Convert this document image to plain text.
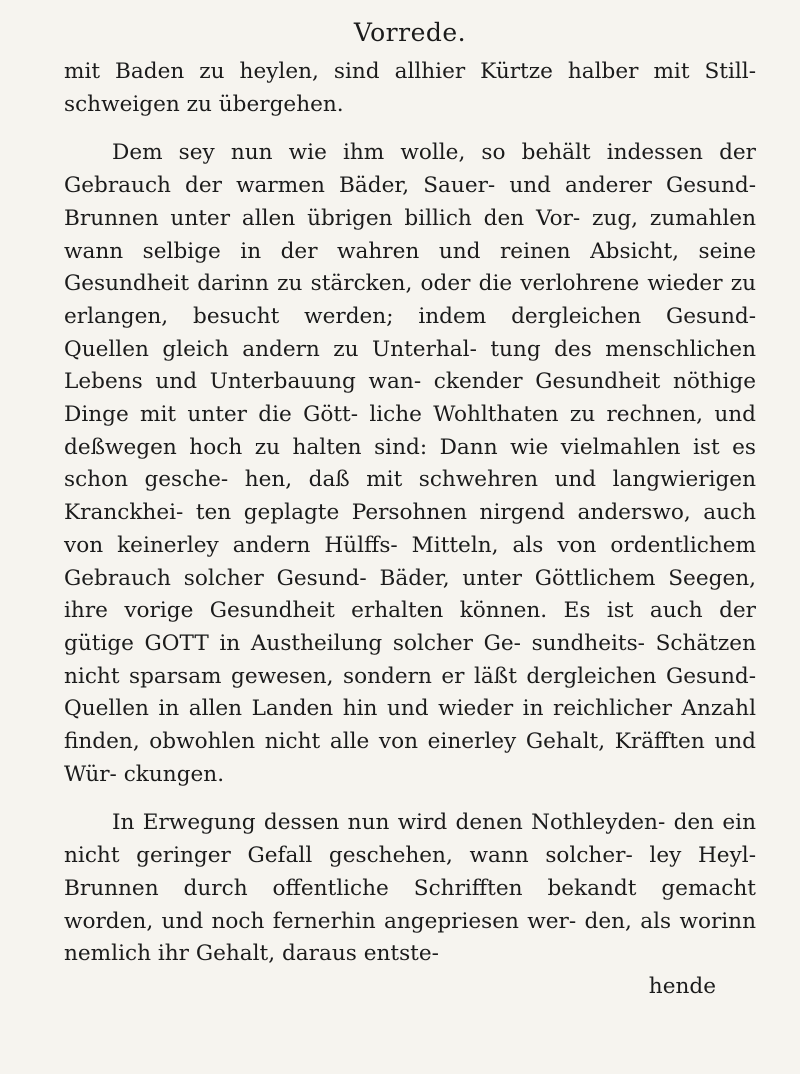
Vorrede.

mit Baden zu heylen, sind allhier Kürtze halber mit Still- schweigen zu übergehen.

Dem sey nun wie ihm wolle, so behält indessen der Gebrauch der warmen Bäder, Sauer- und anderer Gesund- Brunnen unter allen übrigen billich den Vor- zug, zumahlen wann selbige in der wahren und reinen Absicht, seine Gesundheit darinn zu stärcken, oder die verlohrene wieder zu erlangen, besucht werden; indem dergleichen Gesund- Quellen gleich andern zu Unterhal- tung des menschlichen Lebens und Unterbauung wan- ckender Gesundheit nöthige Dinge mit unter die Gött- liche Wohlthaten zu rechnen, und deßwegen hoch zu halten sind: Dann wie vielmahlen ist es schon gesche- hen, daß mit schwehren und langwierigen Kranckhei- ten geplagte Persohnen nirgend anderswo, auch von keinerley andern Hülffs- Mitteln, als von ordentlichem Gebrauch solcher Gesund- Bäder, unter Göttlichem Seegen, ihre vorige Gesundheit erhalten können. Es ist auch der gütige GOTT in Austheilung solcher Ge- sundheits- Schätzen nicht sparsam gewesen, sondern er läßt dergleichen Gesund- Quellen in allen Landen hin und wieder in reichlicher Anzahl finden, obwohlen nicht alle von einerley Gehalt, Kräfften und Wür- ckungen.

In Erwegung dessen nun wird denen Nothleyden- den ein nicht geringer Gefall geschehen, wann solcher- ley Heyl- Brunnen durch offentliche Schrifften bekandt gemacht worden, und noch fernerhin angepriesen wer- den, als worinn nemlich ihr Gehalt, daraus entste-

hende
